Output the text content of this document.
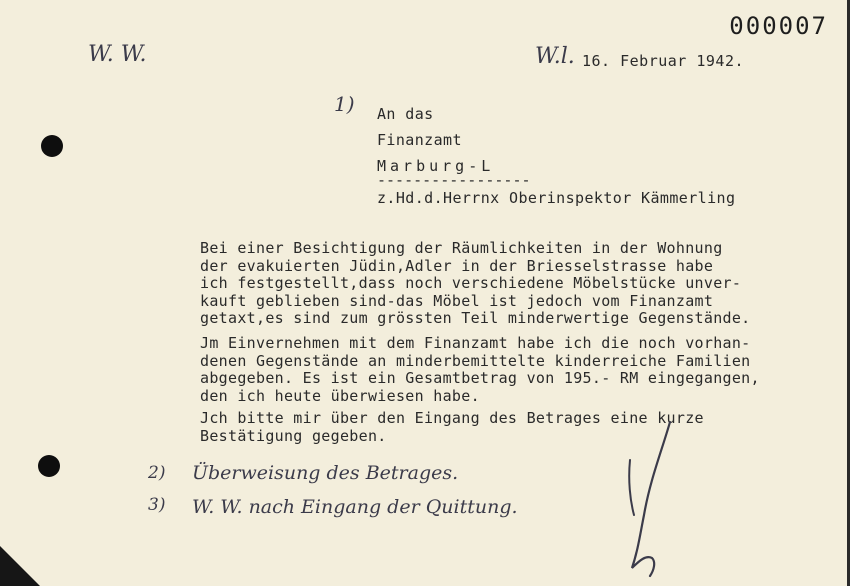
000007
W. W.	W.l. 16. Februar 1942.
1) An das
Finanzamt
Marburg-L
-----------------
z.Hd.d.Herrnx Oberinspektor Kämmerling

Bei einer Besichtigung der Räumlichkeiten in der Wohnung

der evakuierten Jüdin,Adler in der Briesselstrasse habe

ich festgestellt,dass noch verschiedene Möbelstücke unver-

kauft geblieben sind-das Möbel ist jedoch vom Finanzamt

getaxt,es sind zum grössten Teil minderwertige Gegenstände.

Jm Einvernehmen mit dem Finanzamt habe ich die noch vorhan-

denen Gegenstände an minderbemittelte kinderreiche Familien

abgegeben. Es ist ein Gesamtbetrag von 195.- RM eingegangen,

den ich heute überwiesen habe.

Jch bitte mir über den Eingang des Betrages eine kurze

Bestätigung gegeben.

2) Überweisung des Betrages.
3) W. W. nach Eingang der Quittung.
